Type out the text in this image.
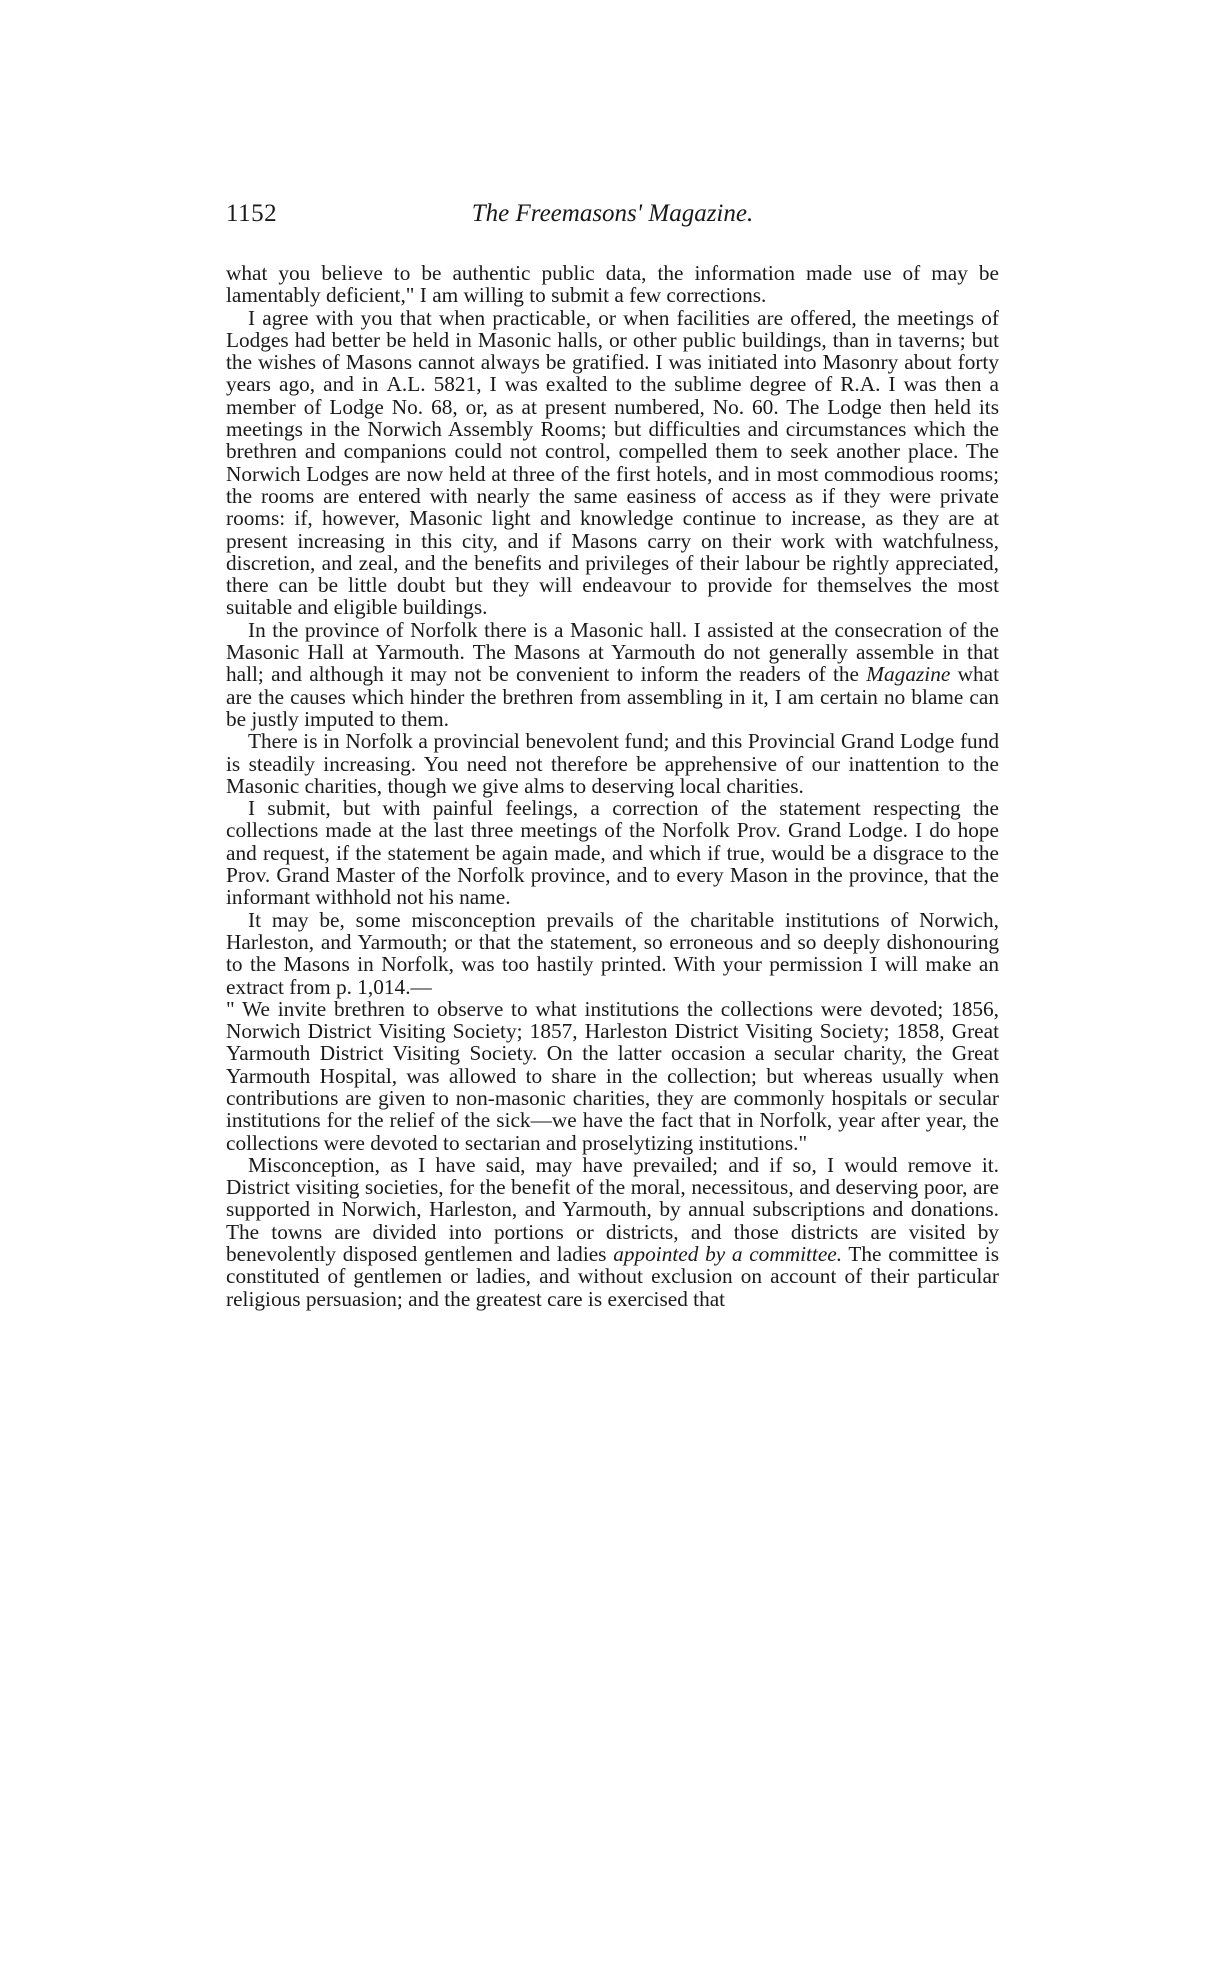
1152	The Freemasons' Magazine.

what you believe to be authentic public data, the information made use of may be lamentably deficient," I am willing to submit a few corrections.

I agree with you that when practicable, or when facilities are offered, the meetings of Lodges had better be held in Masonic halls, or other public buildings, than in taverns; but the wishes of Masons cannot always be gratified. I was initiated into Masonry about forty years ago, and in A.L. 5821, I was exalted to the sublime degree of R.A. I was then a member of Lodge No. 68, or, as at present numbered, No. 60. The Lodge then held its meetings in the Norwich Assembly Rooms; but difficulties and circumstances which the brethren and companions could not control, compelled them to seek another place. The Norwich Lodges are now held at three of the first hotels, and in most commodious rooms; the rooms are entered with nearly the same easiness of access as if they were private rooms: if, however, Masonic light and knowledge continue to increase, as they are at present increasing in this city, and if Masons carry on their work with watchfulness, discretion, and zeal, and the benefits and privileges of their labour be rightly appreciated, there can be little doubt but they will endeavour to provide for themselves the most suitable and eligible buildings.

In the province of Norfolk there is a Masonic hall. I assisted at the consecration of the Masonic Hall at Yarmouth. The Masons at Yarmouth do not generally assemble in that hall; and although it may not be convenient to inform the readers of the Magazine what are the causes which hinder the brethren from assembling in it, I am certain no blame can be justly imputed to them.

There is in Norfolk a provincial benevolent fund; and this Provincial Grand Lodge fund is steadily increasing. You need not therefore be apprehensive of our inattention to the Masonic charities, though we give alms to deserving local charities.

I submit, but with painful feelings, a correction of the statement respecting the collections made at the last three meetings of the Norfolk Prov. Grand Lodge. I do hope and request, if the statement be again made, and which if true, would be a disgrace to the Prov. Grand Master of the Norfolk province, and to every Mason in the province, that the informant withhold not his name.

It may be, some misconception prevails of the charitable institutions of Norwich, Harleston, and Yarmouth; or that the statement, so erroneous and so deeply dishonouring to the Masons in Norfolk, was too hastily printed. With your permission I will make an extract from p. 1,014.—

" We invite brethren to observe to what institutions the collections were devoted; 1856, Norwich District Visiting Society; 1857, Harleston District Visiting Society; 1858, Great Yarmouth District Visiting Society. On the latter occasion a secular charity, the Great Yarmouth Hospital, was allowed to share in the collection; but whereas usually when contributions are given to non-masonic charities, they are commonly hospitals or secular institutions for the relief of the sick—we have the fact that in Norfolk, year after year, the collections were devoted to sectarian and proselytizing institutions."

Misconception, as I have said, may have prevailed; and if so, I would remove it. District visiting societies, for the benefit of the moral, necessitous, and deserving poor, are supported in Norwich, Harleston, and Yarmouth, by annual subscriptions and donations. The towns are divided into portions or districts, and those districts are visited by benevolently disposed gentlemen and ladies appointed by a committee. The committee is constituted of gentlemen or ladies, and without exclusion on account of their particular religious persuasion; and the greatest care is exercised that
